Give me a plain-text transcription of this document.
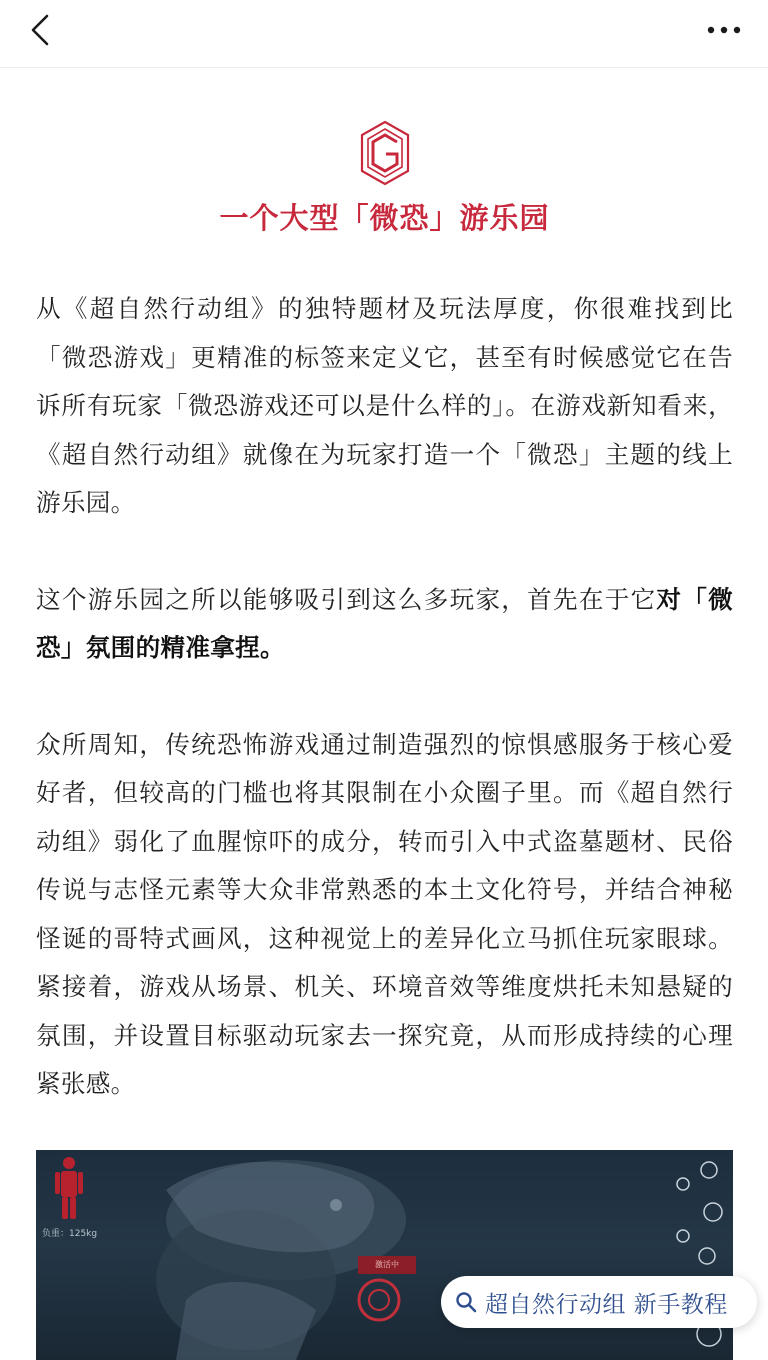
一个大型「微恐」游乐园

从《超自然行动组》的独特题材及玩法厚度，你很难找到比「微恐游戏」更精准的标签来定义它，甚至有时候感觉它在告诉所有玩家「微恐游戏还可以是什么样的」。在游戏新知看来，《超自然行动组》就像在为玩家打造一个「微恐」主题的线上游乐园。

这个游乐园之所以能够吸引到这么多玩家，首先在于它对「微恐」氛围的精准拿捏。

众所周知，传统恐怖游戏通过制造强烈的惊惧感服务于核心爱好者，但较高的门槛也将其限制在小众圈子里。而《超自然行动组》弱化了血腥惊吓的成分，转而引入中式盗墓题材、民俗传说与志怪元素等大众非常熟悉的本土文化符号，并结合神秘怪诞的哥特式画风，这种视觉上的差异化立马抓住玩家眼球。紧接着，游戏从场景、机关、环境音效等维度烘托未知悬疑的氛围，并设置目标驱动玩家去一探究竟，从而形成持续的心理紧张感。

负重：125kg
激活中
超自然行动组 新手教程
